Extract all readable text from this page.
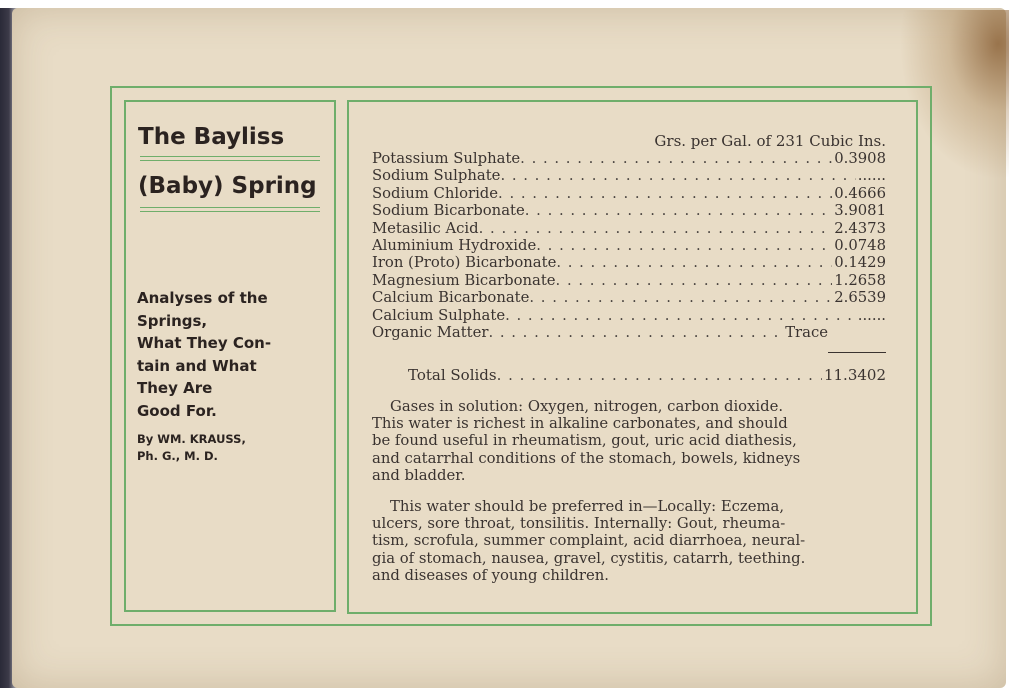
The Bayliss
(Baby) Spring
Analyses of the
Springs,
What They Con-
tain and What
They Are
Good For.
By WM. KRAUSS,
Ph. G., M. D.
Grs. per Gal. of 231 Cubic Ins.
Potassium Sulphate . . .	0.3908
Sodium Sulphate . . .	......
Sodium Chloride . . .	0.4666
Sodium Bicarbonate . . .	3.9081
Metasilic Acid . . .	2.4373
Aluminium Hydroxide . . .	0.0748
Iron (Proto) Bicarbonate . . .	0.1429
Magnesium Bicarbonate . . .	1.2658
Calcium Bicarbonate . . .	2.6539
Calcium Sulphate . . .	......
Organic Matter . . .	Trace
Total Solids . . .	11.3402
Gases in solution: Oxygen, nitrogen, carbon dioxide.
This water is richest in alkaline carbonates, and should
be found useful in rheumatism, gout, uric acid diathesis,
and catarrhal conditions of the stomach, bowels, kidneys
and bladder.
This water should be preferred in—Locally: Eczema,
ulcers, sore throat, tonsilitis. Internally: Gout, rheuma-
tism, scrofula, summer complaint, acid diarrhoea, neural-
gia of stomach, nausea, gravel, cystitis, catarrh, teething.
and diseases of young children.
